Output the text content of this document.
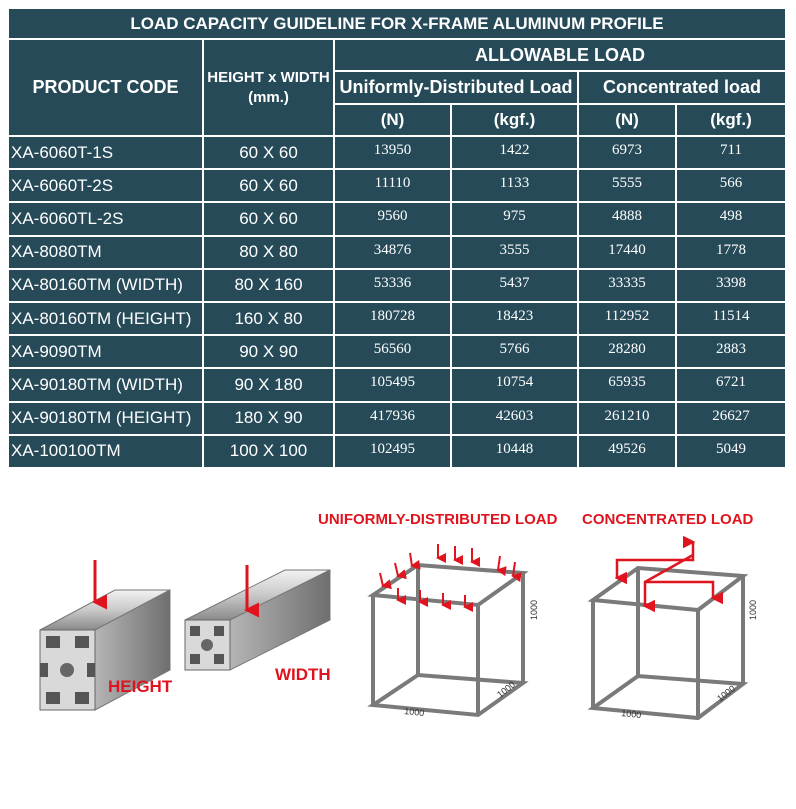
LOAD CAPACITY GUIDELINE FOR X-FRAME ALUMINUM PROFILE
PRODUCT CODE	HEIGHT x WIDTH
(mm.)
ALLOWABLE LOAD
Uniformly-Distributed Load	Concentrated load
(N)	(kgf.)	(N)	(kgf.)
XA-6060T-1S	60 X 60	13950	1422	6973	711
XA-6060T-2S	60 X 60	11110	1133	5555	566
XA-6060TL-2S	60 X 60	9560	975	4888	498
XA-8080TM	80 X 80	34876	3555	17440	1778
XA-80160TM (WIDTH)	80 X 160	53336	5437	33335	3398
XA-80160TM (HEIGHT)	160 X 80	180728	18423	112952	11514
XA-9090TM	90 X 90	56560	5766	28280	2883
XA-90180TM (WIDTH)	90 X 180	105495	10754	65935	6721
XA-90180TM (HEIGHT)	180 X 90	417936	42603	261210	26627
XA-100100TM	100 X 100	102495	10448	49526	5049
HEIGHT
WIDTH
UNIFORMLY-DISTRIBUTED LOAD
1000
1000
1000
CONCENTRATED LOAD
1000
1000
1000
